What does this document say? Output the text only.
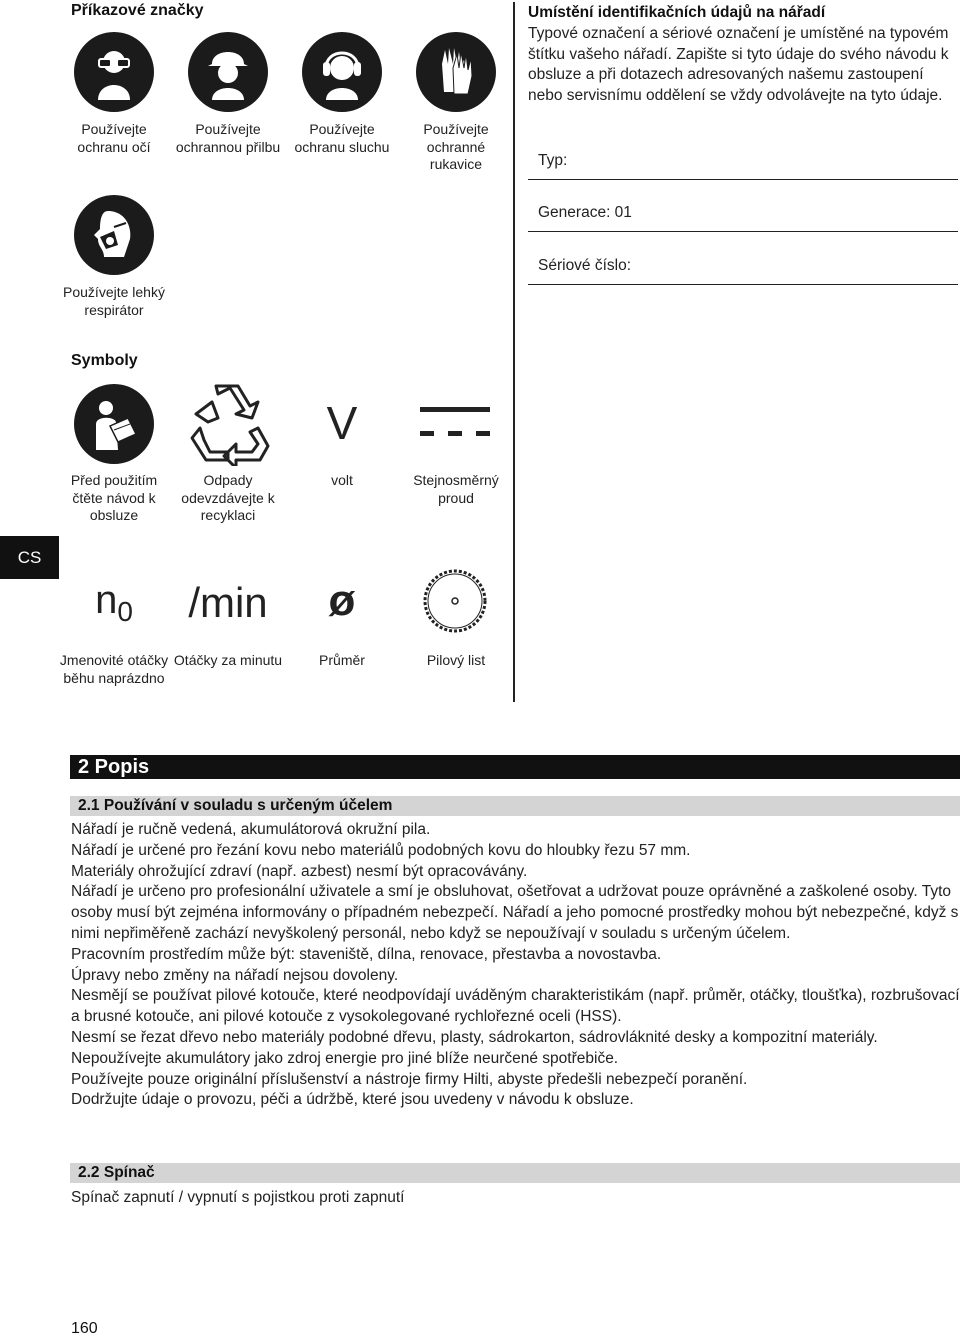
Příkazové značky
Používejte ochranu očí
Používejte ochrannou přilbu
Používejte ochranu sluchu
Používejte ochranné rukavice
Používejte lehký respirátor
Symboly
V
Před použitím čtěte návod k obsluze
Odpady odevzdávejte k recyklaci
volt	Stejnosměrný proud
CS
$n_0$	/min	ø
Jmenovité otáčky běhu naprázdno
Otáčky za minutu	Průměr	Pilový list
Umístění identifikačních údajů na nářadí
Typové označení a sériové označení je umístěné na typovém štítku vašeho nářadí. Zapište si tyto údaje do svého návodu k obsluze a při dotazech adresovaných našemu zastoupení nebo servisnímu oddělení se vždy odvolávejte na tyto údaje.
Typ:
Generace: 01
Sériové číslo:
2 Popis
2.1 Používání v souladu s určeným účelem

Nářadí je ručně vedená, akumulátorová okružní pila.

Nářadí je určené pro řezání kovu nebo materiálů podobných kovu do hloubky řezu 57 mm.

Materiály ohrožující zdraví (např. azbest) nesmí být opracovávány.

Nářadí je určeno pro profesionální uživatele a smí je obsluhovat, ošetřovat a udržovat pouze oprávněné a zaškolené osoby. Tyto osoby musí být zejména informovány o případném nebezpečí. Nářadí a jeho pomocné prostředky mohou být nebezpečné, když s nimi nepřiměřeně zachází nevyškolený personál, nebo když se nepoužívají v souladu s určeným účelem.

Pracovním prostředím může být: staveniště, dílna, renovace, přestavba a novostavba.

Úpravy nebo změny na nářadí nejsou dovoleny.

Nesmějí se používat pilové kotouče, které neodpovídají uváděným charakteristikám (např. průměr, otáčky, tloušťka), rozbrušovací a brusné kotouče, ani pilové kotouče z vysokolegované rychlořezné oceli (HSS).

Nesmí se řezat dřevo nebo materiály podobné dřevu, plasty, sádrokarton, sádrovláknité desky a kompozitní materiály.

Nepoužívejte akumulátory jako zdroj energie pro jiné blíže neurčené spotřebiče.

Používejte pouze originální příslušenství a nástroje firmy Hilti, abyste předešli nebezpečí poranění.

Dodržujte údaje o provozu, péči a údržbě, které jsou uvedeny v návodu k obsluze.

2.2 Spínač
Spínač zapnutí / vypnutí s pojistkou proti zapnutí
160
